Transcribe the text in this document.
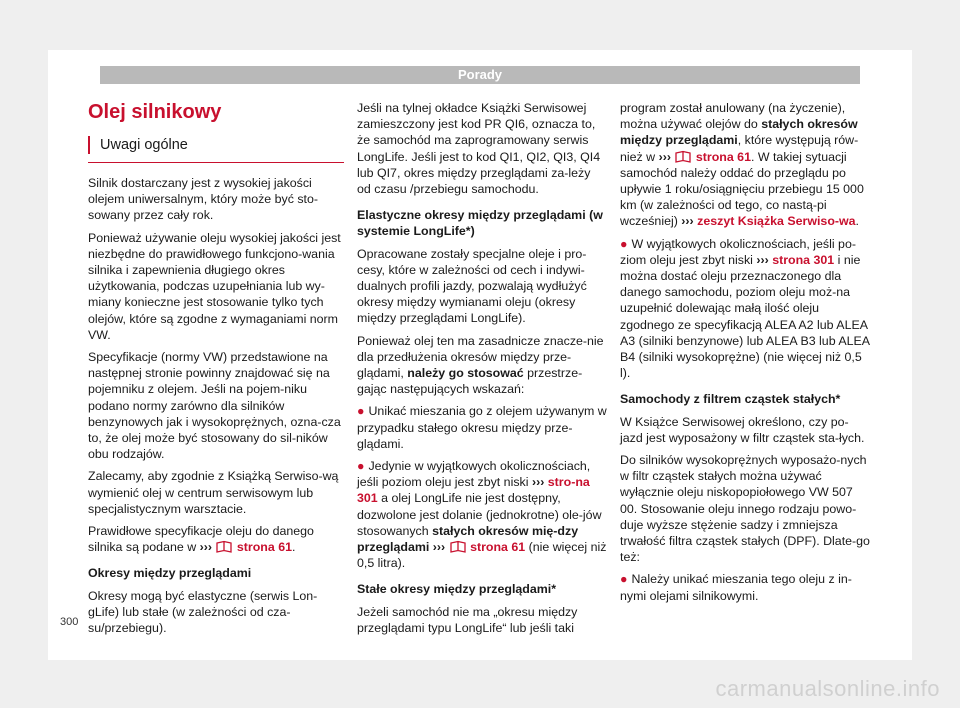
Porady
Olej silnikowy
Uwagi ogólne

Silnik dostarczany jest z wysokiej jakości olejem uniwersalnym, który może być sto-sowany przez cały rok.

Ponieważ używanie oleju wysokiej jakości jest niezbędne do prawidłowego funkcjono-wania silnika i zapewnienia długiego okres użytkowania, podczas uzupełniania lub wy-miany konieczne jest stosowanie tylko tych olejów, które są zgodne z wymaganiami norm VW.

Specyfikacje (normy VW) przedstawione na następnej stronie powinny znajdować się na pojemniku z olejem. Jeśli na pojem-niku podano normy zarówno dla silników benzynowych jak i wysokoprężnych, ozna-cza to, że olej może być stosowany do sil-ników obu rodzajów.

Zalecamy, aby zgodnie z Książką Serwiso-wą wymienić olej w centrum serwisowym lub specjalistycznym warsztacie.

Prawidłowe specyfikacje oleju do danego silnika są podane w ››› strona 61.

Okresy między przeglądami

Okresy mogą być elastyczne (serwis Lon-gLife) lub stałe (w zależności od cza-su/przebiegu).

Jeśli na tylnej okładce Książki Serwisowej zamieszczony jest kod PR QI6, oznacza to, że samochód ma zaprogramowany serwis LongLife. Jeśli jest to kod QI1, QI2, QI3, QI4 lub QI7, okres między przeglądami za-leży od czasu /przebiegu samochodu.

Elastyczne okresy między przeglądami (w systemie LongLife*)

Opracowane zostały specjalne oleje i pro-cesy, które w zależności od cech i indywi-dualnych profili jazdy, pozwalają wydłużyć okresy między wymianami oleju (okresy między przeglądami LongLife).

Ponieważ olej ten ma zasadnicze znacze-nie dla przedłużenia okresów między prze-glądami, należy go stosować przestrze-gając następujących wskazań:

● Unikać mieszania go z olejem używanym w przypadku stałego okresu między prze-glądami.

● Jedynie w wyjątkowych okolicznościach, jeśli poziom oleju jest zbyt niski ››› stro-na 301 a olej LongLife nie jest dostępny, dozwolone jest dolanie (jednokrotne) ole-jów stosowanych stałych okresów mię-dzy przeglądami ››› strona 61 (nie więcej niż 0,5 litra).

Stałe okresy między przeglądami*

Jeżeli samochód nie ma „okresu między przeglądami typu LongLife“ lub jeśli taki

program został anulowany (na życzenie), można używać olejów do stałych okresów między przeglądami, które występują rów-nież w ››› strona 61. W takiej sytuacji samochód należy oddać do przeglądu po upływie 1 roku/osiągnięciu przebiegu 15 000 km (w zależności od tego, co nastą-pi wcześniej) ››› zeszyt Książka Serwiso-wa.

● W wyjątkowych okolicznościach, jeśli po-ziom oleju jest zbyt niski ››› strona 301 i nie można dostać oleju przeznaczonego dla danego samochodu, poziom oleju moż-na uzupełnić dolewając małą ilość oleju zgodnego ze specyfikacją ALEA A2 lub ALEA A3 (silniki benzynowe) lub ALEA B3 lub ALEA B4 (silniki wysokoprężne) (nie więcej niż 0,5 l).

Samochody z filtrem cząstek stałych*

W Książce Serwisowej określono, czy po-jazd jest wyposażony w filtr cząstek sta-łych.

Do silników wysokoprężnych wyposażo-nych w filtr cząstek stałych można używać wyłącznie oleju niskopopiołowego VW 507 00. Stosowanie oleju innego rodzaju powo-duje wyższe stężenie sadzy i zmniejsza trwałość filtra cząstek stałych (DPF). Dlate-go też:

● Należy unikać mieszania tego oleju z in-nymi olejami silnikowymi.

300
carmanualsonline.info
